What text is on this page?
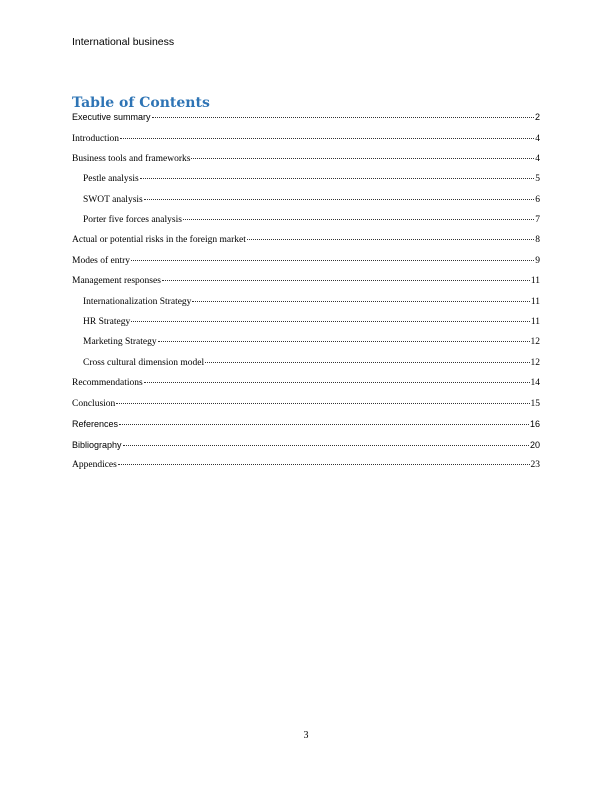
International business
Table of Contents
Executive summary	2
Introduction	4
Business tools and frameworks	4
Pestle analysis	5
SWOT analysis	6
Porter five forces analysis	7
Actual or potential risks in the foreign market	8
Modes of entry	9
Management responses	11
Internationalization Strategy	11
HR Strategy	11
Marketing Strategy	12
Cross cultural dimension model	12
Recommendations	14
Conclusion	15
References	16
Bibliography	20
Appendices	23
3
